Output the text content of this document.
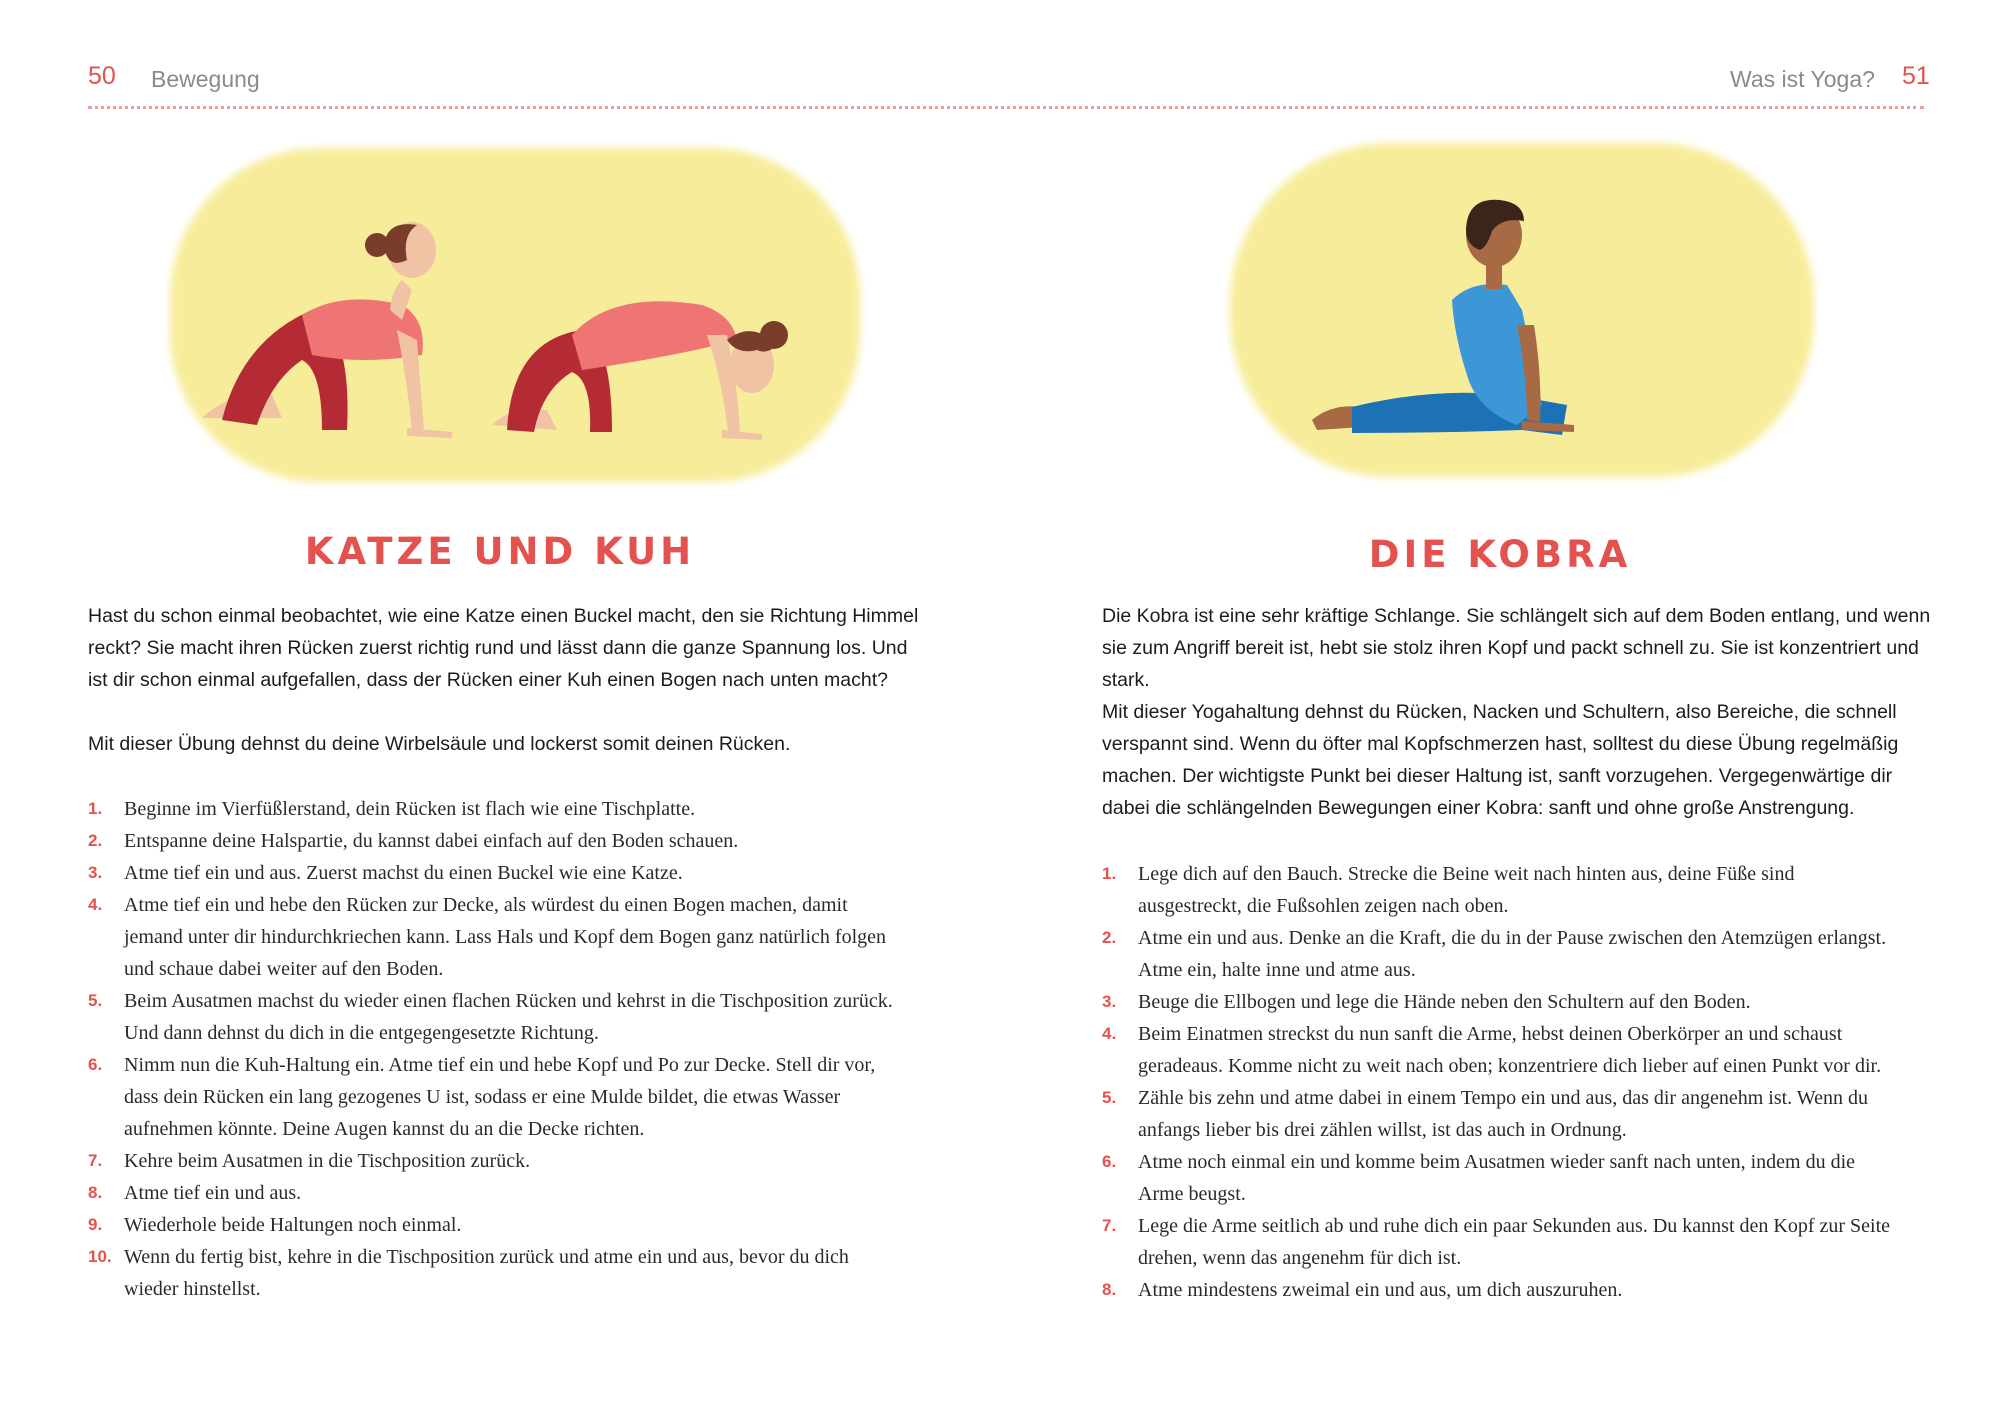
50 Bewegung
KATZE UND KUH

Hast du schon einmal beobachtet, wie eine Katze einen Buckel macht, den sie Richtung Himmel reckt? Sie macht ihren Rücken zuerst richtig rund und lässt dann die ganze Spannung los. Und ist dir schon einmal aufgefallen, dass der Rücken einer Kuh einen Bogen nach unten macht?

Mit dieser Übung dehnst du deine Wirbelsäule und lockerst somit deinen Rücken.

1. Beginne im Vierfüßlerstand, dein Rücken ist flach wie eine Tischplatte.
2. Entspanne deine Halspartie, du kannst dabei einfach auf den Boden schauen.
3. Atme tief ein und aus. Zuerst machst du einen Buckel wie eine Katze.
4. Atme tief ein und hebe den Rücken zur Decke, als würdest du einen Bogen machen, damit jemand unter dir hindurchkriechen kann. Lass Hals und Kopf dem Bogen ganz natürlich folgen und schaue dabei weiter auf den Boden.
5. Beim Ausatmen machst du wieder einen flachen Rücken und kehrst in die Tischposition zurück. Und dann dehnst du dich in die entgegengesetzte Richtung.
6. Nimm nun die Kuh-Haltung ein. Atme tief ein und hebe Kopf und Po zur Decke. Stell dir vor, dass dein Rücken ein lang gezogenes U ist, sodass er eine Mulde bildet, die etwas Wasser aufnehmen könnte. Deine Augen kannst du an die Decke richten.
7. Kehre beim Ausatmen in die Tischposition zurück.
8. Atme tief ein und aus.
9. Wiederhole beide Haltungen noch einmal.
10. Wenn du fertig bist, kehre in die Tischposition zurück und atme ein und aus, bevor du dich wieder hinstellst.
Was ist Yoga? 51
DIE KOBRA

Die Kobra ist eine sehr kräftige Schlange. Sie schlängelt sich auf dem Boden entlang, und wenn sie zum Angriff bereit ist, hebt sie stolz ihren Kopf und packt schnell zu. Sie ist konzentriert und stark.

Mit dieser Yogahaltung dehnst du Rücken, Nacken und Schultern, also Bereiche, die schnell verspannt sind. Wenn du öfter mal Kopfschmerzen hast, solltest du diese Übung regelmäßig machen. Der wichtigste Punkt bei dieser Haltung ist, sanft vorzugehen. Vergegenwärtige dir dabei die schlängelnden Bewegungen einer Kobra: sanft und ohne große Anstrengung.

1. Lege dich auf den Bauch. Strecke die Beine weit nach hinten aus, deine Füße sind ausgestreckt, die Fußsohlen zeigen nach oben.
2. Atme ein und aus. Denke an die Kraft, die du in der Pause zwischen den Atemzügen erlangst. Atme ein, halte inne und atme aus.
3. Beuge die Ellbogen und lege die Hände neben den Schultern auf den Boden.
4. Beim Einatmen streckst du nun sanft die Arme, hebst deinen Oberkörper an und schaust geradeaus. Komme nicht zu weit nach oben; konzentriere dich lieber auf einen Punkt vor dir.
5. Zähle bis zehn und atme dabei in einem Tempo ein und aus, das dir angenehm ist. Wenn du anfangs lieber bis drei zählen willst, ist das auch in Ordnung.
6. Atme noch einmal ein und komme beim Ausatmen wieder sanft nach unten, indem du die Arme beugst.
7. Lege die Arme seitlich ab und ruhe dich ein paar Sekunden aus. Du kannst den Kopf zur Seite drehen, wenn das angenehm für dich ist.
8. Atme mindestens zweimal ein und aus, um dich auszuruhen.
